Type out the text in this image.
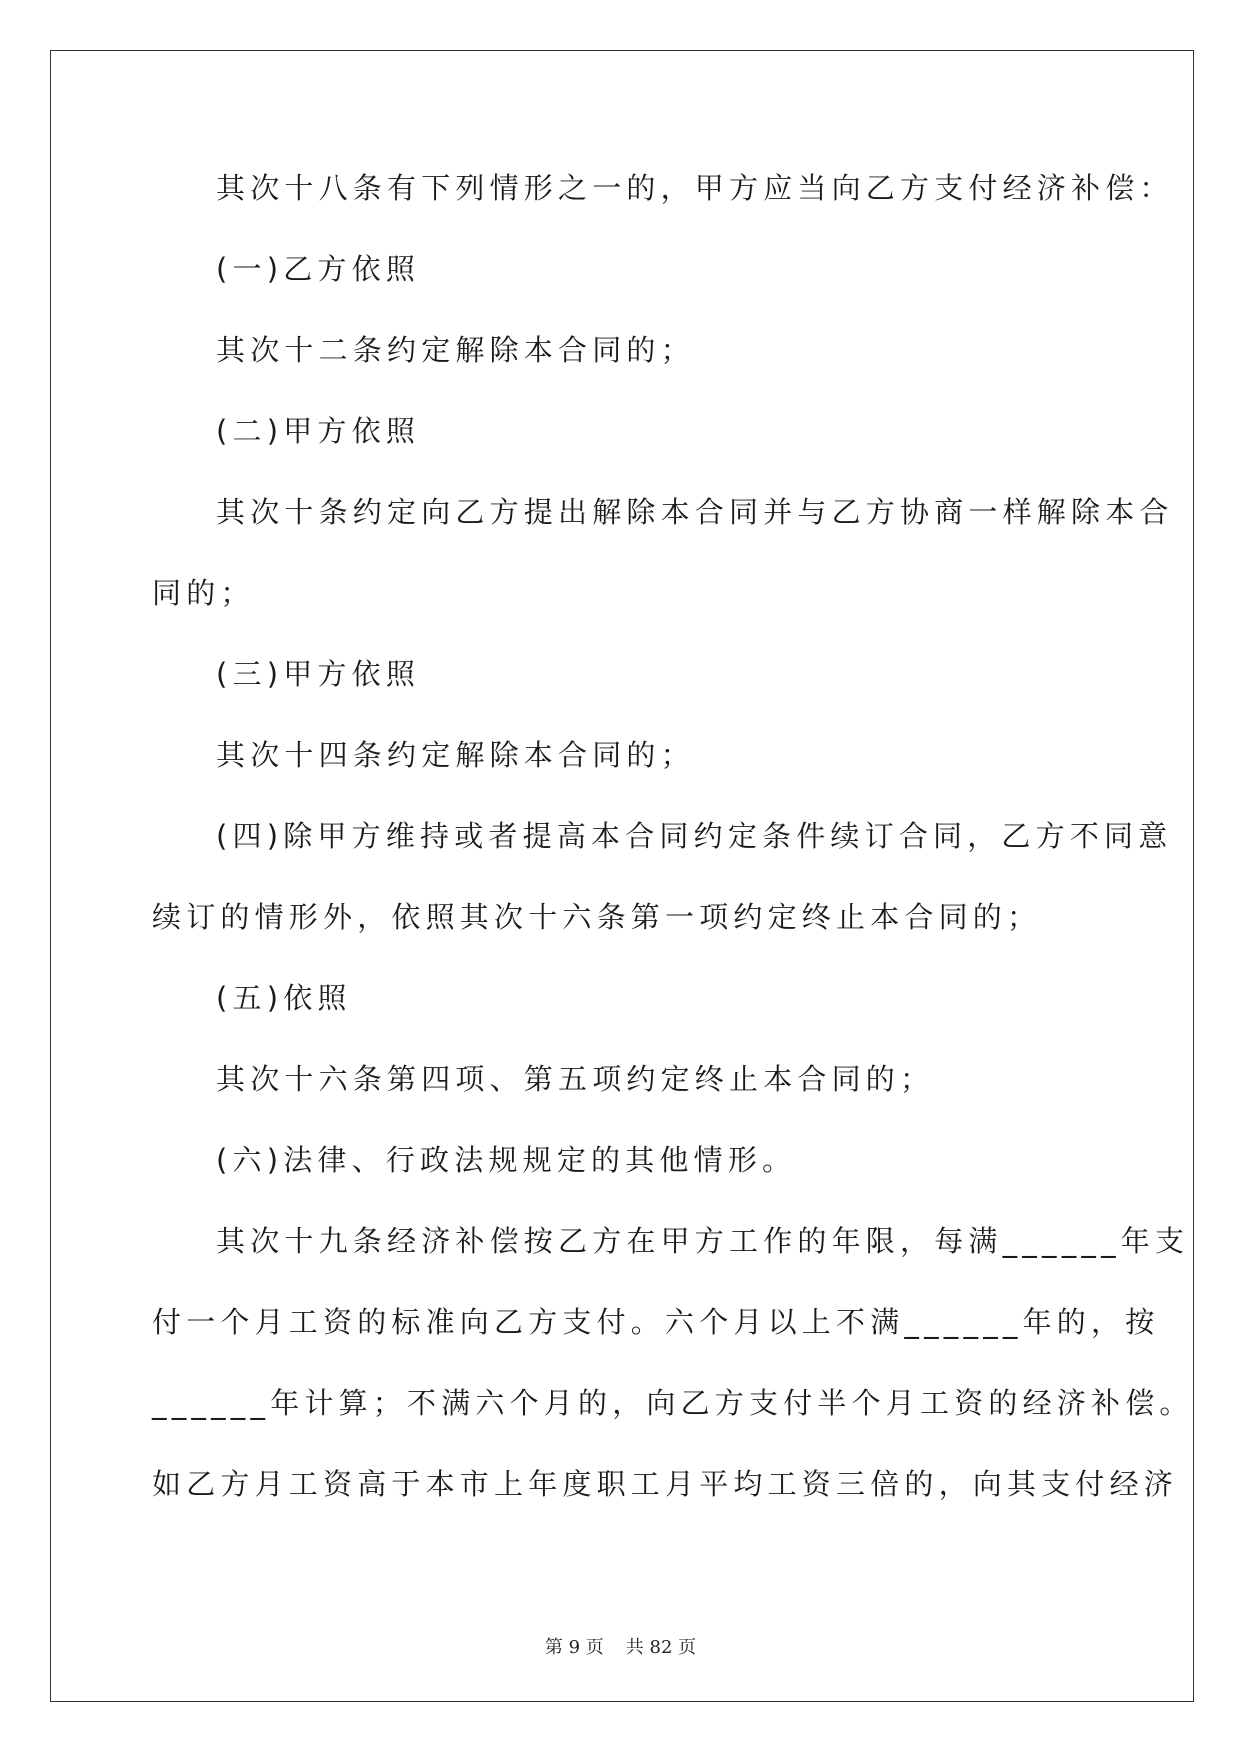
其次十八条有下列情形之一的，甲方应当向乙方支付经济补偿：

(一)乙方依照

其次十二条约定解除本合同的；

(二)甲方依照

其次十条约定向乙方提出解除本合同并与乙方协商一样解除本合

同的；

(三)甲方依照

其次十四条约定解除本合同的；

(四)除甲方维持或者提高本合同约定条件续订合同，乙方不同意

续订的情形外，依照其次十六条第一项约定终止本合同的；

(五)依照

其次十六条第四项、第五项约定终止本合同的；

(六)法律、行政法规规定的其他情形。

其次十九条经济补偿按乙方在甲方工作的年限，每满______年支

付一个月工资的标准向乙方支付。六个月以上不满______年的，按

______年计算；不满六个月的，向乙方支付半个月工资的经济补偿。

如乙方月工资高于本市上年度职工月平均工资三倍的，向其支付经济

第 9 页 共 82 页
